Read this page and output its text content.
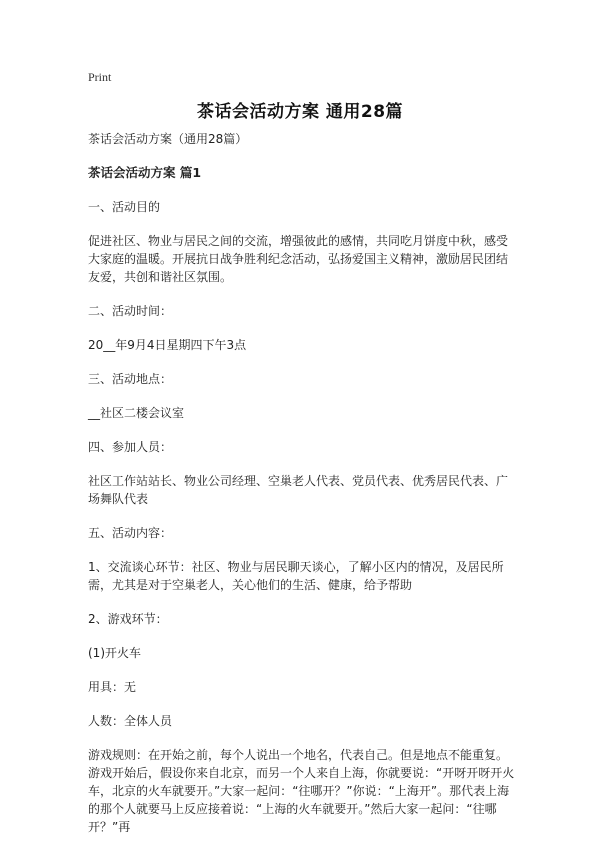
Print
茶话会活动方案 通用28篇

茶话会活动方案（通用28篇）

茶话会活动方案 篇1

一、活动目的

促进社区、物业与居民之间的交流，增强彼此的感情，共同吃月饼度中秋，感受大家庭的温暖。开展抗日战争胜利纪念活动，弘扬爱国主义精神，激励居民团结友爱，共创和谐社区氛围。

二、活动时间：

20__年9月4日星期四下午3点

三、活动地点：

__社区二楼会议室

四、参加人员：

社区工作站站长、物业公司经理、空巢老人代表、党员代表、优秀居民代表、广场舞队代表

五、活动内容：

1、交流谈心环节：社区、物业与居民聊天谈心，了解小区内的情况，及居民所需，尤其是对于空巢老人，关心他们的生活、健康，给予帮助

2、游戏环节：

(1)开火车

用具：无

人数：全体人员

游戏规则：在开始之前，每个人说出一个地名，代表自己。但是地点不能重复。游戏开始后，假设你来自北京，而另一个人来自上海，你就要说：“开呀开呀开火车，北京的火车就要开。”大家一起问：“往哪开？”你说：“上海开”。那代表上海的那个人就要马上反应接着说：“上海的火车就要开。”然后大家一起问：“往哪开？”再
